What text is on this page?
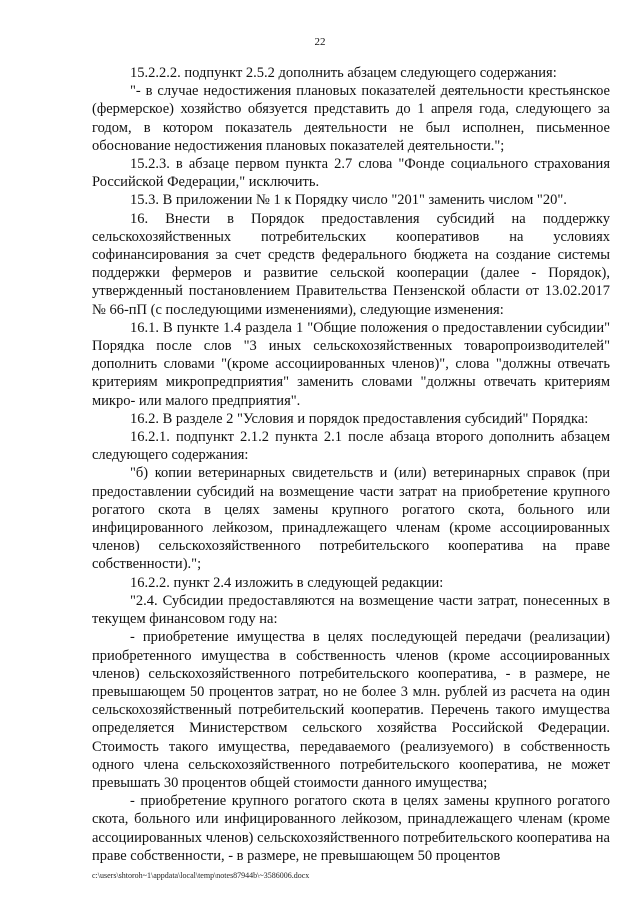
22

15.2.2.2. подпункт 2.5.2 дополнить абзацем следующего содержания:

"- в случае недостижения плановых показателей деятельности крестьянское (фермерское) хозяйство обязуется представить до 1 апреля года, следующего за годом, в котором показатель деятельности не был исполнен, письменное обоснование недостижения плановых показателей деятельности.";

15.2.3. в абзаце первом пункта 2.7 слова "Фонде социального страхования Российской Федерации," исключить.

15.3. В приложении № 1 к Порядку число "201" заменить числом "20".

16. Внести в Порядок предоставления субсидий на поддержку сельскохозяйственных потребительских кооперативов на условиях софинансирования за счет средств федерального бюджета на создание системы поддержки фермеров и развитие сельской кооперации (далее - Порядок), утвержденный постановлением Правительства Пензенской области от 13.02.2017 № 66-пП (с последующими изменениями), следующие изменения:

16.1. В пункте 1.4 раздела 1 "Общие положения о предоставлении субсидии" Порядка после слов "3 иных сельскохозяйственных товаропроизводителей" дополнить словами "(кроме ассоциированных членов)", слова "должны отвечать критериям микропредприятия" заменить словами "должны отвечать критериям микро- или малого предприятия".

16.2. В разделе 2 "Условия и порядок предоставления субсидий" Порядка:

16.2.1. подпункт 2.1.2 пункта 2.1 после абзаца второго дополнить абзацем следующего содержания:

"б) копии ветеринарных свидетельств и (или) ветеринарных справок (при предоставлении субсидий на возмещение части затрат на приобретение крупного рогатого скота в целях замены крупного рогатого скота, больного или инфицированного лейкозом, принадлежащего членам (кроме ассоциированных членов) сельскохозяйственного потребительского кооператива на праве собственности).";

16.2.2. пункт 2.4 изложить в следующей редакции:

"2.4. Субсидии предоставляются на возмещение части затрат, понесенных в текущем финансовом году на:

- приобретение имущества в целях последующей передачи (реализации) приобретенного имущества в собственность членов (кроме ассоциированных членов) сельскохозяйственного потребительского кооператива, - в размере, не превышающем 50 процентов затрат, но не более 3 млн. рублей из расчета на один сельскохозяйственный потребительский кооператив. Перечень такого имущества определяется Министерством сельского хозяйства Российской Федерации. Стоимость такого имущества, передаваемого (реализуемого) в собственность одного члена сельскохозяйственного потребительского кооператива, не может превышать 30 процентов общей стоимости данного имущества;

- приобретение крупного рогатого скота в целях замены крупного рогатого скота, больного или инфицированного лейкозом, принадлежащего членам (кроме ассоциированных членов) сельскохозяйственного потребительского кооператива на праве собственности, - в размере, не превышающем 50 процентов

c:\users\shtoroh~1\appdata\local\temp\notes87944b\~3586006.docx
